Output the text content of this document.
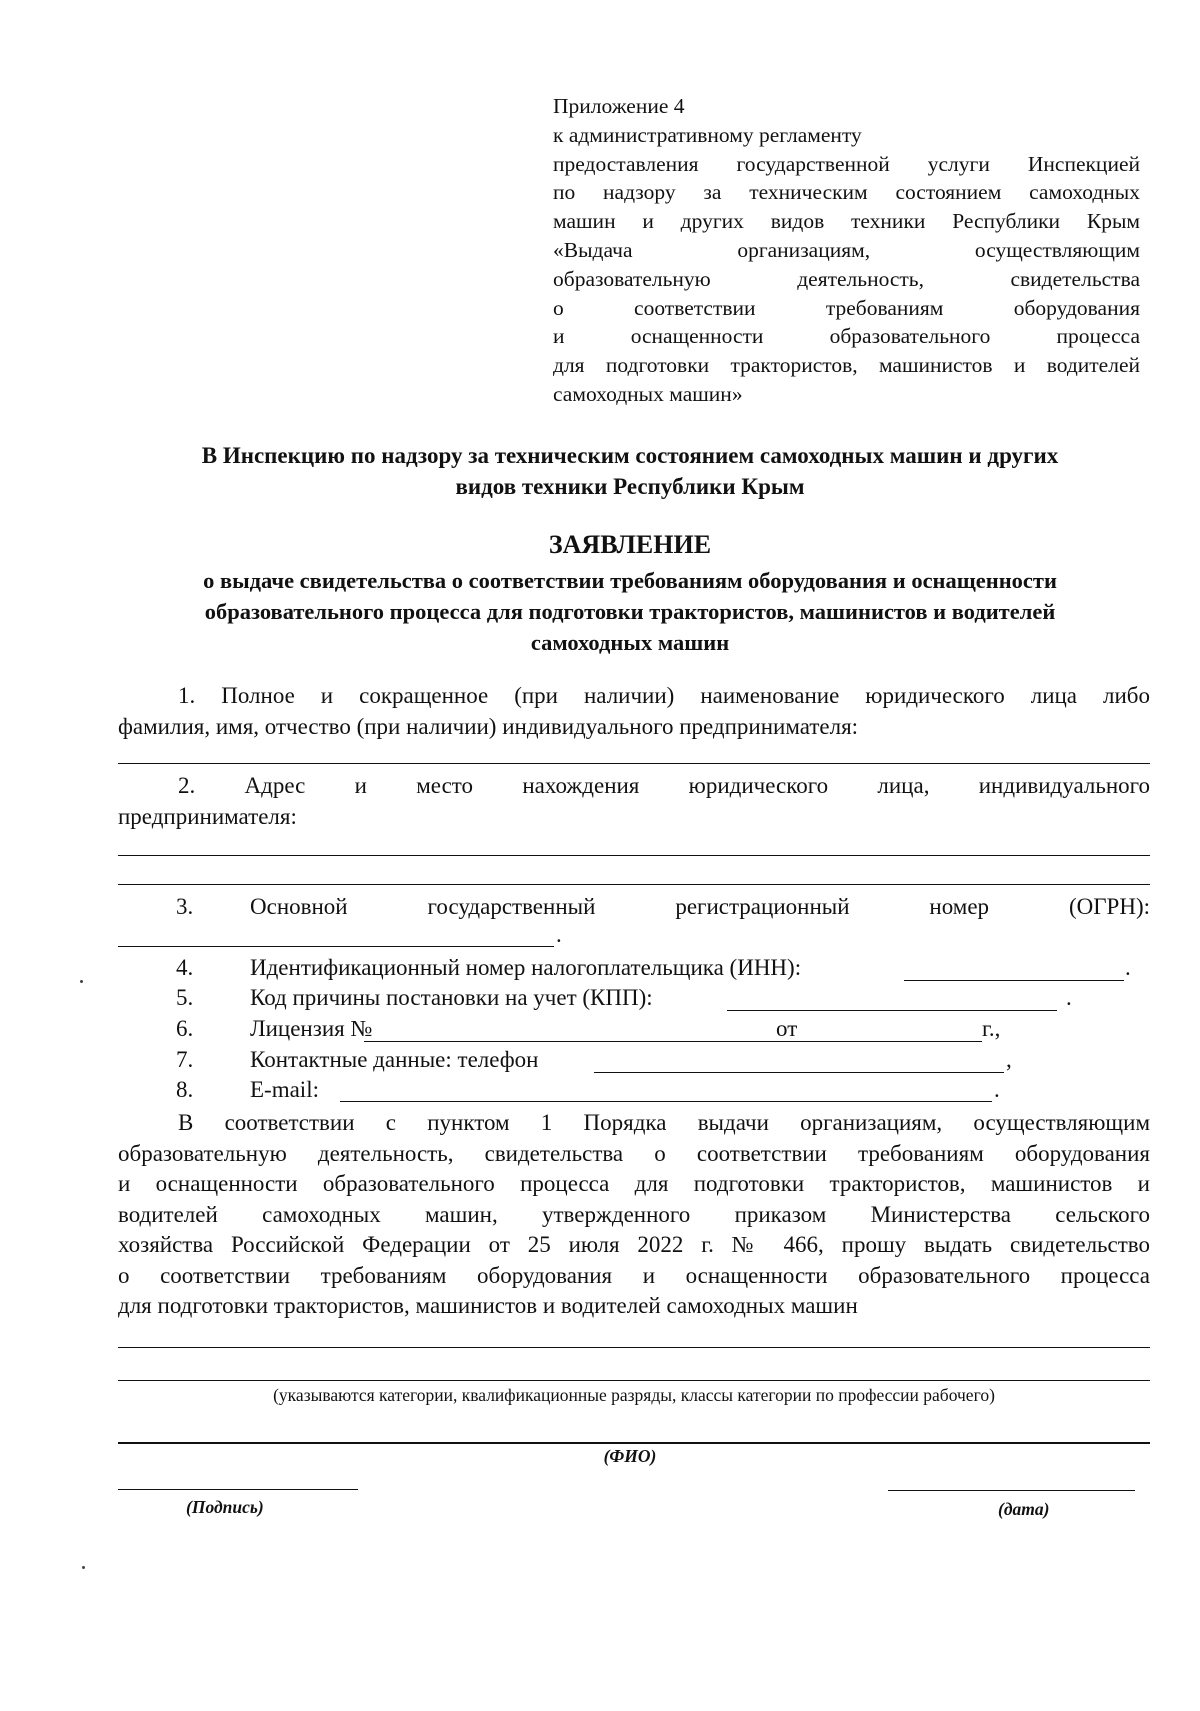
Приложение 4
к административному регламенту
предоставления государственной услуги Инспекцией
по надзору за техническим состоянием самоходных
машин и других видов техники Республики Крым
«Выдача организациям, осуществляющим
образовательную деятельность, свидетельства
о соответствии требованиям оборудования
и оснащенности образовательного процесса
для подготовки трактористов, машинистов и водителей
самоходных машин»
В Инспекцию по надзору за техническим состоянием самоходных машин и других
видов техники Республики Крым
ЗАЯВЛЕНИЕ
о выдаче свидетельства о соответствии требованиям оборудования и оснащенности
образовательного процесса для подготовки трактористов, машинистов и водителей
самоходных машин
1. Полное и сокращенное (при наличии) наименование юридического лица либо
фамилия, имя, отчество (при наличии) индивидуального предпринимателя:
2. Адрес и место нахождения юридического лица, индивидуального
предпринимателя:
3.	Основной государственный регистрационный номер (ОГРН):
.
4. Идентификационный номер налогоплательщика (ИНН):	.
5. Код причины постановки на учет (КПП):	.
6. Лицензия №	от	г.,
7. Контактные данные: телефон	,
8. E-mail:	.
В соответствии с пунктом 1 Порядка выдачи организациям, осуществляющим
образовательную деятельность, свидетельства о соответствии требованиям оборудования
и оснащенности образовательного процесса для подготовки трактористов, машинистов и
водителей самоходных машин, утвержденного приказом Министерства сельского
хозяйства Российской Федерации от 25 июля 2022 г. № 466, прошу выдать свидетельство
о соответствии требованиям оборудования и оснащенности образовательного процесса
для подготовки трактористов, машинистов и водителей самоходных машин
(указываются категории, квалификационные разряды, классы категории по профессии рабочего)
(ФИО)
(Подпись)	(дата)
